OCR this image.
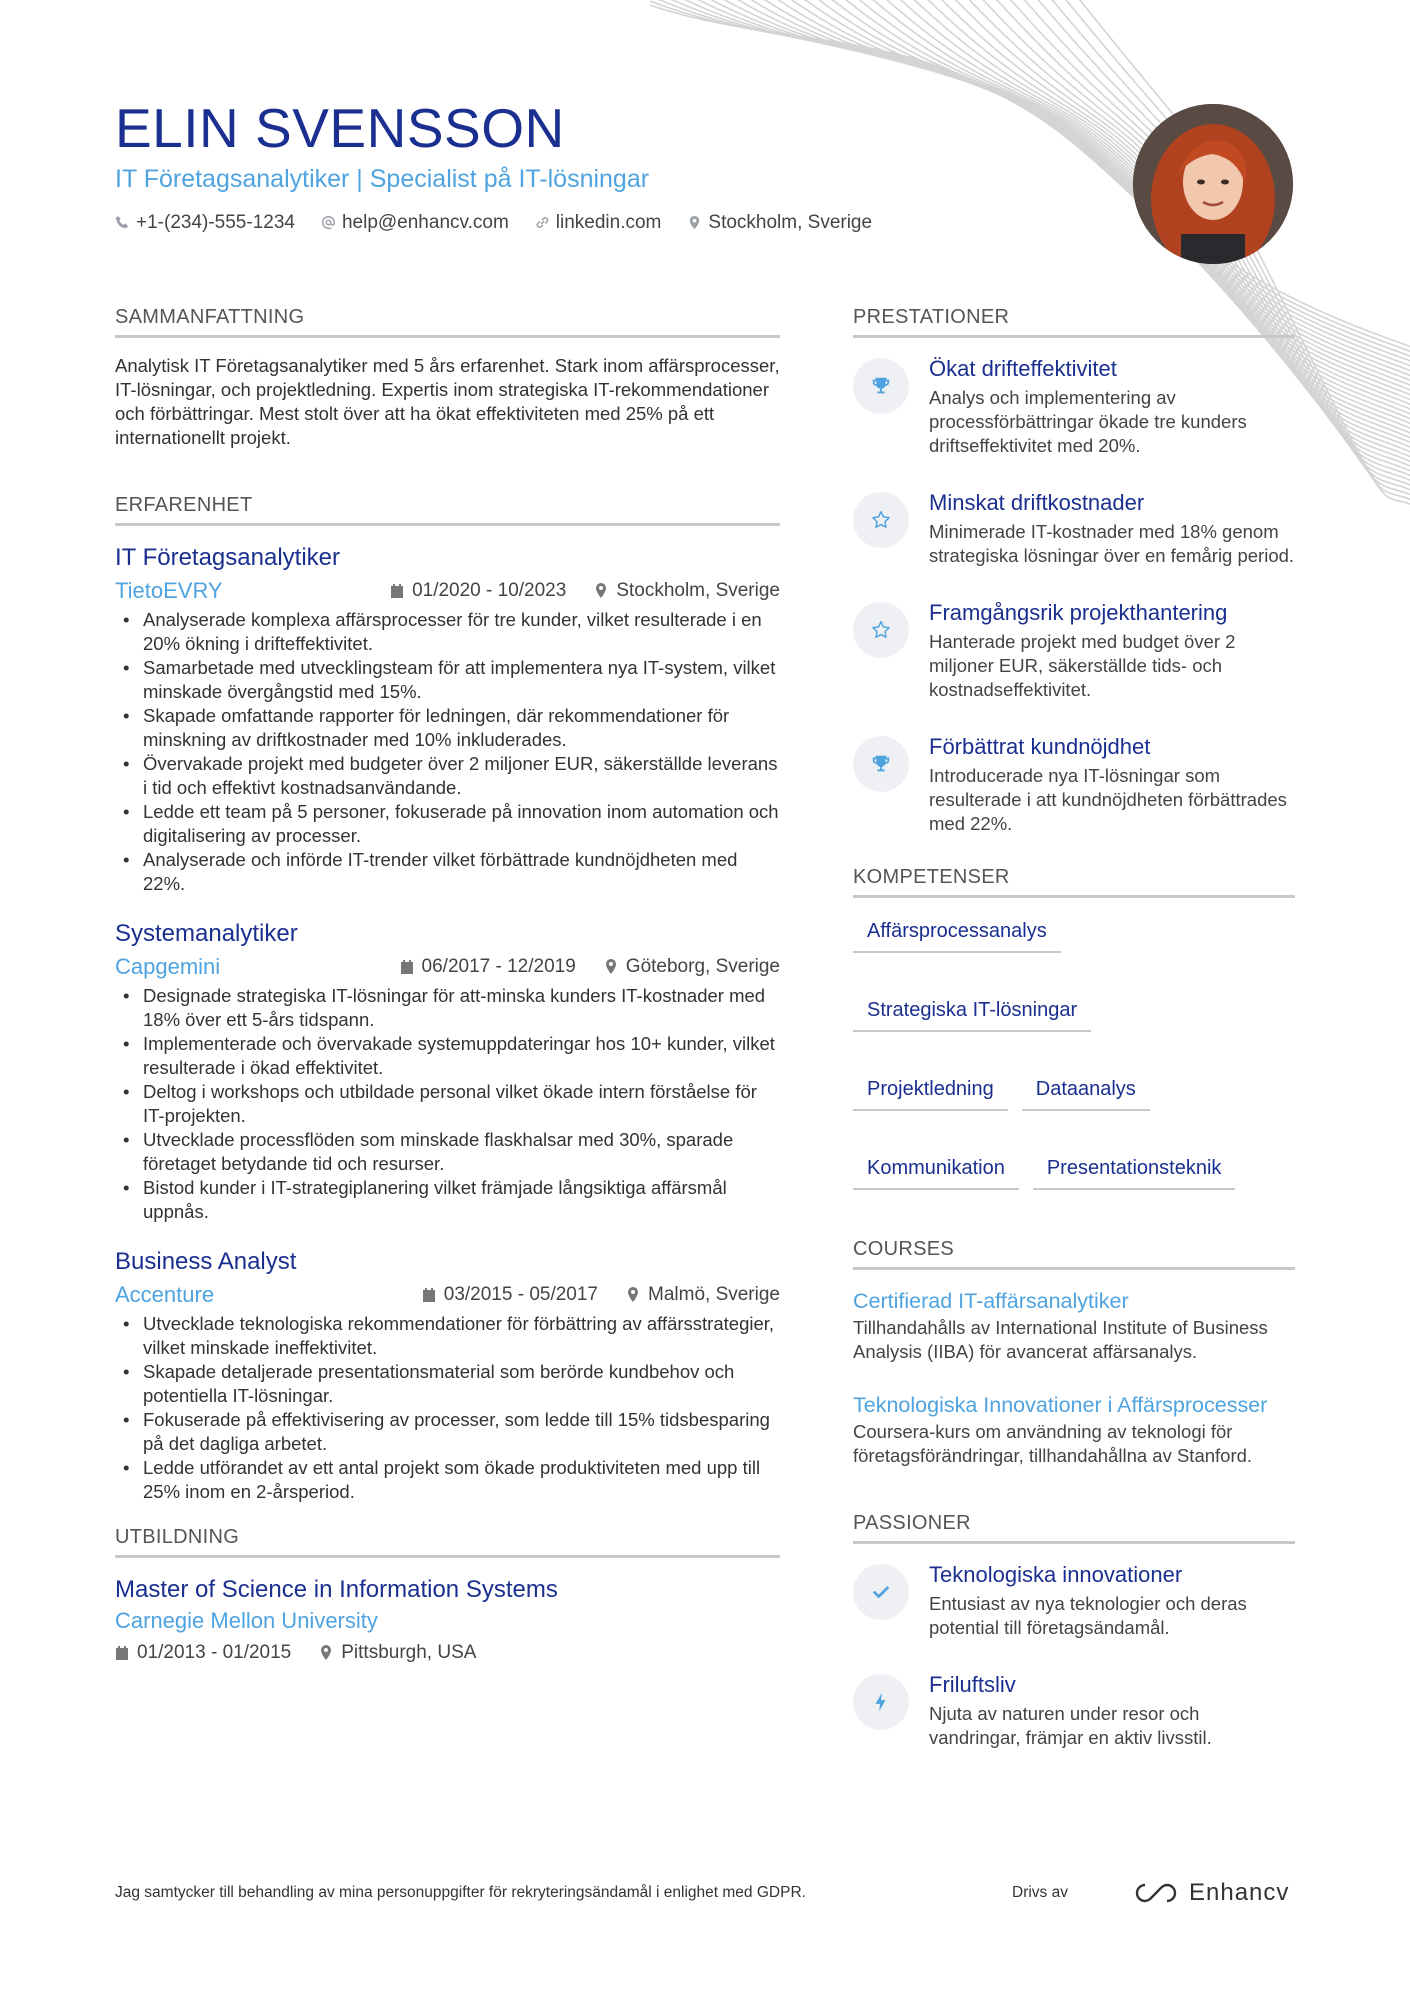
ELIN SVENSSON
IT Företagsanalytiker | Specialist på IT-lösningar
+1-(234)-555-1234 help@enhancv.com linkedin.com Stockholm, Sverige
SAMMANFATTNING

Analytisk IT Företagsanalytiker med 5 års erfarenhet. Stark inom affärsprocesser, IT-lösningar, och projektledning. Expertis inom strategiska IT-rekommendationer och förbättringar. Mest stolt över att ha ökat effektiviteten med 25% på ett internationellt projekt.

ERFARENHET
IT Företagsanalytiker
TietoEVRY	01/2020 - 10/2023	Stockholm, Sverige
• Analyserade komplexa affärsprocesser för tre kunder, vilket resulterade i en 20% ökning i drifteffektivitet.
• Samarbetade med utvecklingsteam för att implementera nya IT-system, vilket minskade övergångstid med 15%.
• Skapade omfattande rapporter för ledningen, där rekommendationer för minskning av driftkostnader med 10% inkluderades.
• Övervakade projekt med budgeter över 2 miljoner EUR, säkerställde leverans i tid och effektivt kostnadsanvändande.
• Ledde ett team på 5 personer, fokuserade på innovation inom automation och digitalisering av processer.
• Analyserade och införde IT-trender vilket förbättrade kundnöjdheten med 22%.
Systemanalytiker
Capgemini	06/2017 - 12/2019	Göteborg, Sverige
• Designade strategiska IT-lösningar för att-minska kunders IT-kostnader med 18% över ett 5-års tidspann.
• Implementerade och övervakade systemuppdateringar hos 10+ kunder, vilket resulterade i ökad effektivitet.
• Deltog i workshops och utbildade personal vilket ökade intern förståelse för IT-projekten.
• Utvecklade processflöden som minskade flaskhalsar med 30%, sparade företaget betydande tid och resurser.
• Bistod kunder i IT-strategiplanering vilket främjade långsiktiga affärsmål uppnås.
Business Analyst
Accenture	03/2015 - 05/2017	Malmö, Sverige
• Utvecklade teknologiska rekommendationer för förbättring av affärsstrategier, vilket minskade ineffektivitet.
• Skapade detaljerade presentationsmaterial som berörde kundbehov och potentiella IT-lösningar.
• Fokuserade på effektivisering av processer, som ledde till 15% tidsbesparing på det dagliga arbetet.
• Ledde utförandet av ett antal projekt som ökade produktiviteten med upp till 25% inom en 2-årsperiod.
UTBILDNING
Master of Science in Information Systems
Carnegie Mellon University
01/2013 - 01/2015	Pittsburgh, USA
PRESTATIONER
Ökat drifteffektivitet
Analys och implementering av processförbättringar ökade tre kunders driftseffektivitet med 20%.
Minskat driftkostnader
Minimerade IT-kostnader med 18% genom strategiska lösningar över en femårig period.
Framgångsrik projekthantering
Hanterade projekt med budget över 2 miljoner EUR, säkerställde tids- och kostnadseffektivitet.
Förbättrat kundnöjdhet
Introducerade nya IT-lösningar som resulterade i att kundnöjdheten förbättrades med 22%.
KOMPETENSER
Affärsprocessanalys
Strategiska IT-lösningar
Projektledning	Dataanalys
Kommunikation	Presentationsteknik
COURSES
Certifierad IT-affärsanalytiker
Tillhandahålls av International Institute of Business Analysis (IIBA) för avancerat affärsanalys.
Teknologiska Innovationer i Affärsprocesser
Coursera-kurs om användning av teknologi för företagsförändringar, tillhandahållna av Stanford.
PASSIONER
Teknologiska innovationer
Entusiast av nya teknologier och deras potential till företagsändamål.
Friluftsliv
Njuta av naturen under resor och vandringar, främjar en aktiv livsstil.
Jag samtycker till behandling av mina personuppgifter för rekryteringsändamål i enlighet med GDPR.	Drivs av	Enhancv
